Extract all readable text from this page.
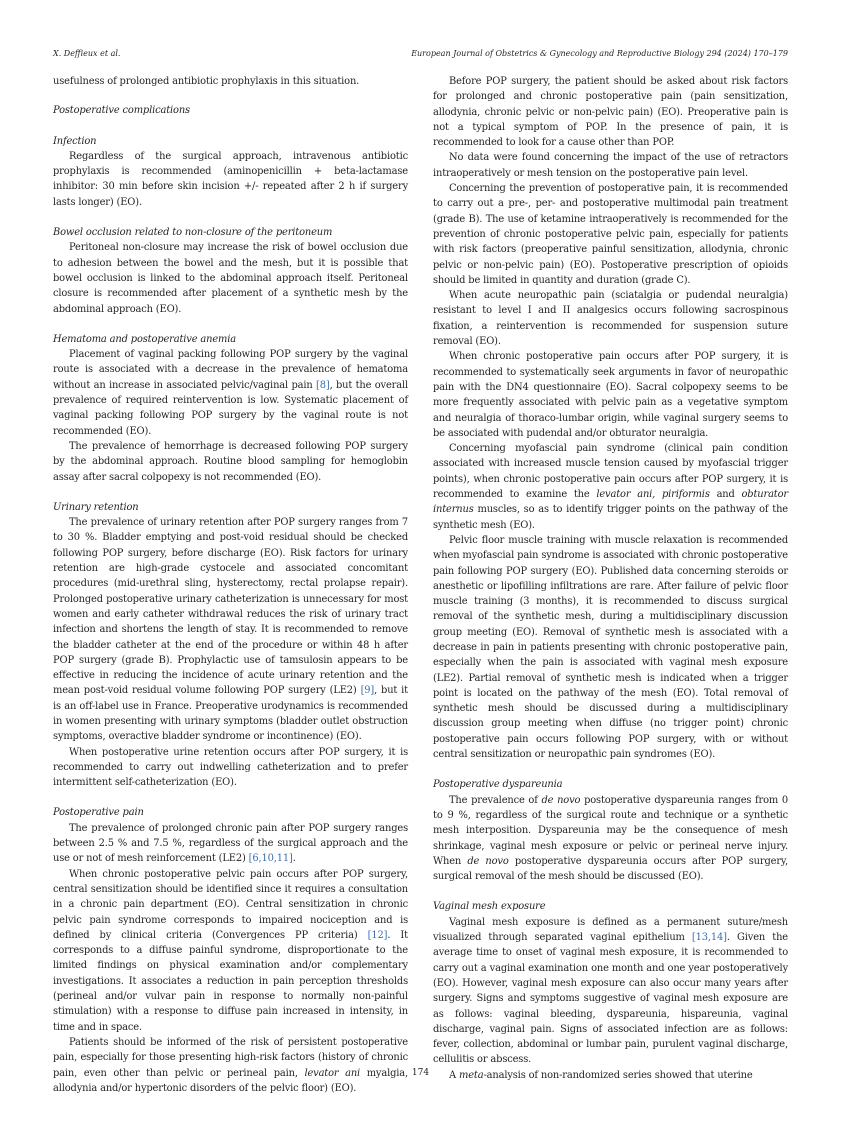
X. Deffieux et al.	European Journal of Obstetrics & Gynecology and Reproductive Biology 294 (2024) 170–179

usefulness of prolonged antibiotic prophylaxis in this situation.

Postoperative complications
Infection

Regardless of the surgical approach, intravenous antibiotic prophylaxis is recommended (aminopenicillin + beta-lactamase inhibitor: 30 min before skin incision +/- repeated after 2 h if surgery lasts longer) (EO).

Bowel occlusion related to non-closure of the peritoneum

Peritoneal non-closure may increase the risk of bowel occlusion due to adhesion between the bowel and the mesh, but it is possible that bowel occlusion is linked to the abdominal approach itself. Peritoneal closure is recommended after placement of a synthetic mesh by the abdominal approach (EO).

Hematoma and postoperative anemia

Placement of vaginal packing following POP surgery by the vaginal route is associated with a decrease in the prevalence of hematoma without an increase in associated pelvic/vaginal pain [8], but the overall prevalence of required reintervention is low. Systematic placement of vaginal packing following POP surgery by the vaginal route is not recommended (EO).

The prevalence of hemorrhage is decreased following POP surgery by the abdominal approach. Routine blood sampling for hemoglobin assay after sacral colpopexy is not recommended (EO).

Urinary retention

The prevalence of urinary retention after POP surgery ranges from 7 to 30 %. Bladder emptying and post-void residual should be checked following POP surgery, before discharge (EO). Risk factors for urinary retention are high-grade cystocele and associated concomitant procedures (mid-urethral sling, hysterectomy, rectal prolapse repair). Prolonged postoperative urinary catheterization is unnecessary for most women and early catheter withdrawal reduces the risk of urinary tract infection and shortens the length of stay. It is recommended to remove the bladder catheter at the end of the procedure or within 48 h after POP surgery (grade B). Prophylactic use of tamsulosin appears to be effective in reducing the incidence of acute urinary retention and the mean post-void residual volume following POP surgery (LE2) [9], but it is an off-label use in France. Preoperative urodynamics is recommended in women presenting with urinary symptoms (bladder outlet obstruction symptoms, overactive bladder syndrome or incontinence) (EO).

When postoperative urine retention occurs after POP surgery, it is recommended to carry out indwelling catheterization and to prefer intermittent self-catheterization (EO).

Postoperative pain

The prevalence of prolonged chronic pain after POP surgery ranges between 2.5 % and 7.5 %, regardless of the surgical approach and the use or not of mesh reinforcement (LE2) [6,10,11].

When chronic postoperative pelvic pain occurs after POP surgery, central sensitization should be identified since it requires a consultation in a chronic pain department (EO). Central sensitization in chronic pelvic pain syndrome corresponds to impaired nociception and is defined by clinical criteria (Convergences PP criteria) [12]. It corresponds to a diffuse painful syndrome, disproportionate to the limited findings on physical examination and/or complementary investigations. It associates a reduction in pain perception thresholds (perineal and/or vulvar pain in response to normally non-painful stimulation) with a response to diffuse pain increased in intensity, in time and in space.

Patients should be informed of the risk of persistent postoperative pain, especially for those presenting high-risk factors (history of chronic pain, even other than pelvic or perineal pain, levator ani myalgia, allodynia and/or hypertonic disorders of the pelvic floor) (EO).

Before POP surgery, the patient should be asked about risk factors for prolonged and chronic postoperative pain (pain sensitization, allodynia, chronic pelvic or non-pelvic pain) (EO). Preoperative pain is not a typical symptom of POP. In the presence of pain, it is recommended to look for a cause other than POP.

No data were found concerning the impact of the use of retractors intraoperatively or mesh tension on the postoperative pain level.

Concerning the prevention of postoperative pain, it is recommended to carry out a pre-, per- and postoperative multimodal pain treatment (grade B). The use of ketamine intraoperatively is recommended for the prevention of chronic postoperative pelvic pain, especially for patients with risk factors (preoperative painful sensitization, allodynia, chronic pelvic or non-pelvic pain) (EO). Postoperative prescription of opioids should be limited in quantity and duration (grade C).

When acute neuropathic pain (sciatalgia or pudendal neuralgia) resistant to level I and II analgesics occurs following sacrospinous fixation, a reintervention is recommended for suspension suture removal (EO).

When chronic postoperative pain occurs after POP surgery, it is recommended to systematically seek arguments in favor of neuropathic pain with the DN4 questionnaire (EO). Sacral colpopexy seems to be more frequently associated with pelvic pain as a vegetative symptom and neuralgia of thoraco-lumbar origin, while vaginal surgery seems to be associated with pudendal and/or obturator neuralgia.

Concerning myofascial pain syndrome (clinical pain condition associated with increased muscle tension caused by myofascial trigger points), when chronic postoperative pain occurs after POP surgery, it is recommended to examine the levator ani, piriformis and obturator internus muscles, so as to identify trigger points on the pathway of the synthetic mesh (EO).

Pelvic floor muscle training with muscle relaxation is recommended when myofascial pain syndrome is associated with chronic postoperative pain following POP surgery (EO). Published data concerning steroids or anesthetic or lipofilling infiltrations are rare. After failure of pelvic floor muscle training (3 months), it is recommended to discuss surgical removal of the synthetic mesh, during a multidisciplinary discussion group meeting (EO). Removal of synthetic mesh is associated with a decrease in pain in patients presenting with chronic postoperative pain, especially when the pain is associated with vaginal mesh exposure (LE2). Partial removal of synthetic mesh is indicated when a trigger point is located on the pathway of the mesh (EO). Total removal of synthetic mesh should be discussed during a multidisciplinary discussion group meeting when diffuse (no trigger point) chronic postoperative pain occurs following POP surgery, with or without central sensitization or neuropathic pain syndromes (EO).

Postoperative dyspareunia

The prevalence of de novo postoperative dyspareunia ranges from 0 to 9 %, regardless of the surgical route and technique or a synthetic mesh interposition. Dyspareunia may be the consequence of mesh shrinkage, vaginal mesh exposure or pelvic or perineal nerve injury. When de novo postoperative dyspareunia occurs after POP surgery, surgical removal of the mesh should be discussed (EO).

Vaginal mesh exposure

Vaginal mesh exposure is defined as a permanent suture/mesh visualized through separated vaginal epithelium [13,14]. Given the average time to onset of vaginal mesh exposure, it is recommended to carry out a vaginal examination one month and one year postoperatively (EO). However, vaginal mesh exposure can also occur many years after surgery. Signs and symptoms suggestive of vaginal mesh exposure are as follows: vaginal bleeding, dyspareunia, hispareunia, vaginal discharge, vaginal pain. Signs of associated infection are as follows: fever, collection, abdominal or lumbar pain, purulent vaginal discharge, cellulitis or abscess.

A meta-analysis of non-randomized series showed that uterine

174
